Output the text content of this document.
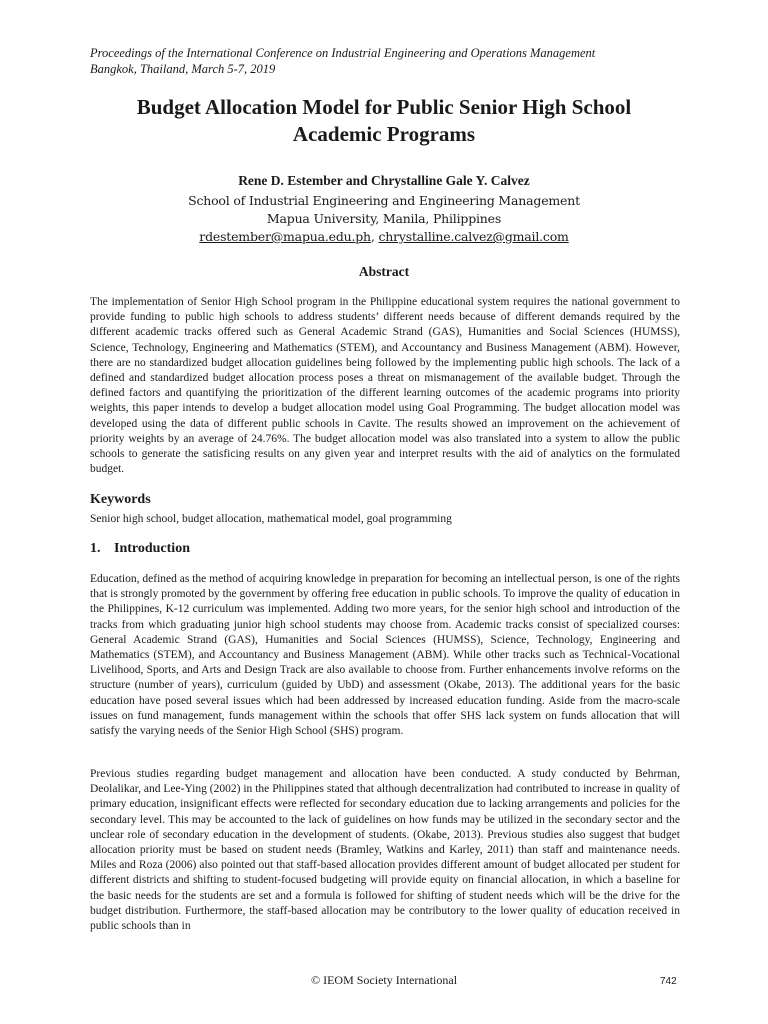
Proceedings of the International Conference on Industrial Engineering and Operations Management
Bangkok, Thailand, March 5-7, 2019
Budget Allocation Model for Public Senior High School
Academic Programs
Rene D. Estember and Chrystalline Gale Y. Calvez
School of Industrial Engineering and Engineering Management
Mapua University, Manila, Philippines
rdestember@mapua.edu.ph, chrystalline.calvez@gmail.com
Abstract
The implementation of Senior High School program in the Philippine educational system requires the national government to provide funding to public high schools to address students’ different needs because of different demands required by the different academic tracks offered such as General Academic Strand (GAS), Humanities and Social Sciences (HUMSS), Science, Technology, Engineering and Mathematics (STEM), and Accountancy and Business Management (ABM). However, there are no standardized budget allocation guidelines being followed by the implementing public high schools. The lack of a defined and standardized budget allocation process poses a threat on mismanagement of the available budget. Through the defined factors and quantifying the prioritization of the different learning outcomes of the academic programs into priority weights, this paper intends to develop a budget allocation model using Goal Programming. The budget allocation model was developed using the data of different public schools in Cavite. The results showed an improvement on the achievement of priority weights by an average of 24.76%. The budget allocation model was also translated into a system to allow the public schools to generate the satisficing results on any given year and interpret results with the aid of analytics on the formulated budget.
Keywords
Senior high school, budget allocation, mathematical model, goal programming
1. Introduction
Education, defined as the method of acquiring knowledge in preparation for becoming an intellectual person, is one of the rights that is strongly promoted by the government by offering free education in public schools. To improve the quality of education in the Philippines, K-12 curriculum was implemented. Adding two more years, for the senior high school and introduction of the tracks from which graduating junior high school students may choose from. Academic tracks consist of specialized courses: General Academic Strand (GAS), Humanities and Social Sciences (HUMSS), Science, Technology, Engineering and Mathematics (STEM), and Accountancy and Business Management (ABM). While other tracks such as Technical-Vocational Livelihood, Sports, and Arts and Design Track are also available to choose from. Further enhancements involve reforms on the structure (number of years), curriculum (guided by UbD) and assessment (Okabe, 2013). The additional years for the basic education have posed several issues which had been addressed by increased education funding. Aside from the macro-scale issues on fund management, funds management within the schools that offer SHS lack system on funds allocation that will satisfy the varying needs of the Senior High School (SHS) program.
Previous studies regarding budget management and allocation have been conducted. A study conducted by Behrman, Deolalikar, and Lee-Ying (2002) in the Philippines stated that although decentralization had contributed to increase in quality of primary education, insignificant effects were reflected for secondary education due to lacking arrangements and policies for the secondary level. This may be accounted to the lack of guidelines on how funds may be utilized in the secondary sector and the unclear role of secondary education in the development of students. (Okabe, 2013). Previous studies also suggest that budget allocation priority must be based on student needs (Bramley, Watkins and Karley, 2011) than staff and maintenance needs. Miles and Roza (2006) also pointed out that staff-based allocation provides different amount of budget allocated per student for different districts and shifting to student-focused budgeting will provide equity on financial allocation, in which a baseline for the basic needs for the students are set and a formula is followed for shifting of student needs which will be the drive for the budget distribution. Furthermore, the staff-based allocation may be contributory to the lower quality of education received in public schools than in
© IEOM Society International	742
